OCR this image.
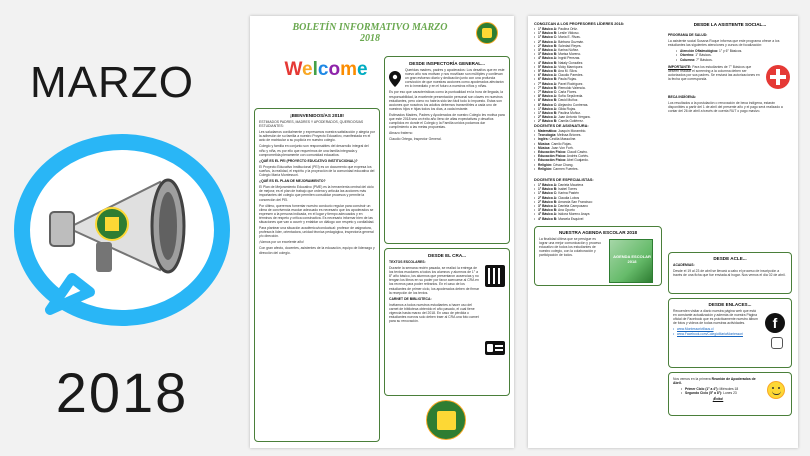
MARZO
2018
BOLETÍN INFORMATIVO MARZO
2018
Welcome
¡BIENVENIDOS/AS 2018!

ESTIMADOS PADRES, MADRES Y APODERADOS, QUERIDOS/AS ESTUDIANTES:

Les saludamos cordialmente y expresamos nuestra satisfacción y alegría por la adhesión de su familia a nuestro Proyecto Educativo, manifestada en el acto de matricular a su pupilo/a en nuestro colegio.

Colegio y familia en conjunto son responsables del desarrollo integral del niño y niña, es por ello que requerimos de una familia integrada y comprometida plenamente con comunidad educativa.

¿QUÉ ES EL PEI (PROYECTO EDUCATIVO INSTITUCIONAL)?

El Proyecto Educativo Institucional (PEI) es un documento que expresa los sueños, la realidad, el espíritu y la proyección de la comunidad educativa del Colegio María Montessori.

¿QUÉ ES EL PLAN DE MEJORAMIENTO?

El Plan de Mejoramiento Educativo (PME) es la herramienta central del ciclo de mejora; es el plan de trabajo que ordena y articula las acciones más importantes del colegio que permiten consolidar procesos y permite la concreción del PEI.

Por último, queremos fomentar nuestro conducto regular para construir un clima de convivencia escolar adecuado es necesario que los apoderados se expresen a la persona indicada, en el lugar y tiempo adecuados y en términos de respeto y crítica constructiva. Es necesario informar bien de las situaciones que van a ocurrir y entablar un diálogo con respeto y cordialidad.

Para plantear una situación académico/conductual: profesor de asignatura, profesor/a líder, orientadora, unidad técnica pedagógica, inspectoría general y/o dirección.

¡Vamos por un excelente año!

Con gran afecto, docentes, asistentes de la educación, equipo de liderazgo y dirección del colegio.

DESDE INSPECTORÍA GENERAL...

Queridas madres, padres y apoderados: Los desafíos que en este nuevo año nos motivan y nos movilizan son múltiples y conllevan un gran esfuerzo diario y dedicación junto con una profunda convicción de que nuestras acciones como apoderados afectarán en lo inmediato y en el futuro a nuestros niños y niñas.

Es por eso que características como la puntualidad en la hora de llegada, la responsabilidad, la excelente presentación personal son claves en nuestros estudiantes, pero cómo no habría sido tan fácil todo lo impuesto. Estas son acciones que nosotros los adultos debemos transmitirles a cada uno de nuestros hijos e hijas todos los días, a cada instante.

Estimados Madres, Padres y Apoderados de nuestro Colegio les motiva para que este 2018 sea un éxito año lleno de altas expectativas y desafíos cumplidos en donde el Colegio y la Familia unidos podamos dar cumplimiento a las metas propuestas.

Abrazo fraterno

Claudio Ortega, Inspector General.

DESDE EL CRA...

TEXTOS ESCOLARES:

Durante la semana recién pasada, se realizó la entrega de los textos escolares a todos los alumnos y alumnos de 1° a 8° año básico, los alumnos que presentaron ausencias y no tengan los libros en su poder por favor acercarse al CRA en los recreos para poder retirarlos. En el caso de los estudiantes de primer ciclo, los apoderados deben de firmar la recepción de los textos.

CARNET DE BIBLIOTECA:

Invitamos a todos nuestros estudiantes a hacer uso del carnet de biblioteca obtenido el año pasado, el cual tiene vigencia hasta marzo del 2018. En caso de pérdida o estudiantes nuevos solo deben traer al CRA una foto carnet para su renovación.

CONOZCAN A LOS PROFESORES LÍDERES 2018:
• 1° Básico A: Paulina Ortiz.
• 1° Básico B: Leslie Vildoso.
• 1° Básico C: María E. Rivas.
• 2° Básico A: Bárbara Guzmán.
• 2° Básico B: Soledad Reyes.
• 3° Básico A: Karina Núñez.
• 3° Básico B: Marisa Moreno.
• 4° Básico A: Ingrid Perezas.
• 4° Básico B: Nataly González.
• 5° Básico A: Vicky Manríquez.
• 5° Básico B: Ana M. Silva.
• 6° Básico A: Claudio Paredes.
• 6° Básico B: Paula Rojas.
• 7° Básico A: Pavel Rodríguez.
• 7° Básico B: Remoldo Valencia.
• 7° Básico C: Carla Flores.
• 8° Básico A: Sofía Sepúlveda.
• 8° Básico B: David Muñoz.
• 8° Básico C: Alejandro Contreras.
• 1° Básico A: Gilda Rojas.
• 1° Básico B: Paulina Muñoz.
• 2° Básico A: Juan Antonio Vergara.
• 2° Básico B: Camila Gutiérrez.
DOCENTES DE ASIGNATURA:
• Matemática: Joaquín Morambio.
• Tecnología: Melissa Briones.
• Inglés: Cecilia Massolíne.
• Música: Camilo Rojas.
• Música: Joan Von Forh.
• Educación Física: Claudi Castro.
• Educación Física: Andrés Cortés.
• Educación Física: Abel Guajardo.
• Religión: César Chang.
• Religión: Carmen Fuentes.
DOCENTES DE ESPECIALISTAS:
• 1° Básico A: Daniela Mauriera
• 1° Básico B: Isabel Torres
• 1° Básico C: Karina Pastén
• 2° Básico A: Claudia Lobos
• 2° Básico B: Amanda San Francisco
• 3° Básico A: Daniela Campusano
• 3° Básico B: Ana Oporto
• 4° Básico A: Isidora Moreno Araya
• 4° Básico B: Marcela Esquivel
NUESTRA AGENDA ESCOLAR 2018

La finalidad última que se persigue es lograr una mejor comunicación y proceso educativo de todos los estudiantes de nuestro colegio, con la colaboración y participación de todos.	AGENDA ESCOLAR 2018
DESDE LA ASISTENTE SOCIAL...

PROGRAMA DE SALUD:

La asistente social Susana Roque informa que este programa ofrece a los estudiantes las siguientes atenciones y cursos de focalización:

• Atención Oftalmológica: 1° y 6° Básicos.
• Otorrino: 1° Básicos.
• Columna: 7° Básicos.

IMPORTANTE: Para los estudiantes de 7° Básicos que deseen realizar el screening a la columna deben ser autorizados por sus padres. Se enviará las autorizaciones en la fecha que corresponda.

BECA INDÍGENA:

Los resultados a la postulación o renovación de beca indígena, estarán disponibles a partir del 1 de abril del presente año y el pago será realizado a contar del 26 de abril a través de cuenta RUT o pago masivo.

DESDE ACLE...

ACADEMIAS:

Desde el 19 al 23 de abril se llevará a cabo el proceso de inscripción a través de una ficha que fue enviada al hogar. Nos vemos el día 02 de abril.

DESDE ENLACES...
f

Recuerden visitar a diario nuestra página web que está en constante actualización y además de nuestra Página oficial de Facebook que es prácticamente nuestro álbum de fotos y videos de todas nuestras actividades.

• www.Montessorivillaus.cl
• www.Facebook.com/ColegioMariaMontessori

Nos vemos en la primera Reunión de Apoderados de Abril.

• Primer Ciclo (1° a 4°): Miércoles 18
• Segundo Ciclo (5° a 8°): Lunes 23

¡Éxito!
